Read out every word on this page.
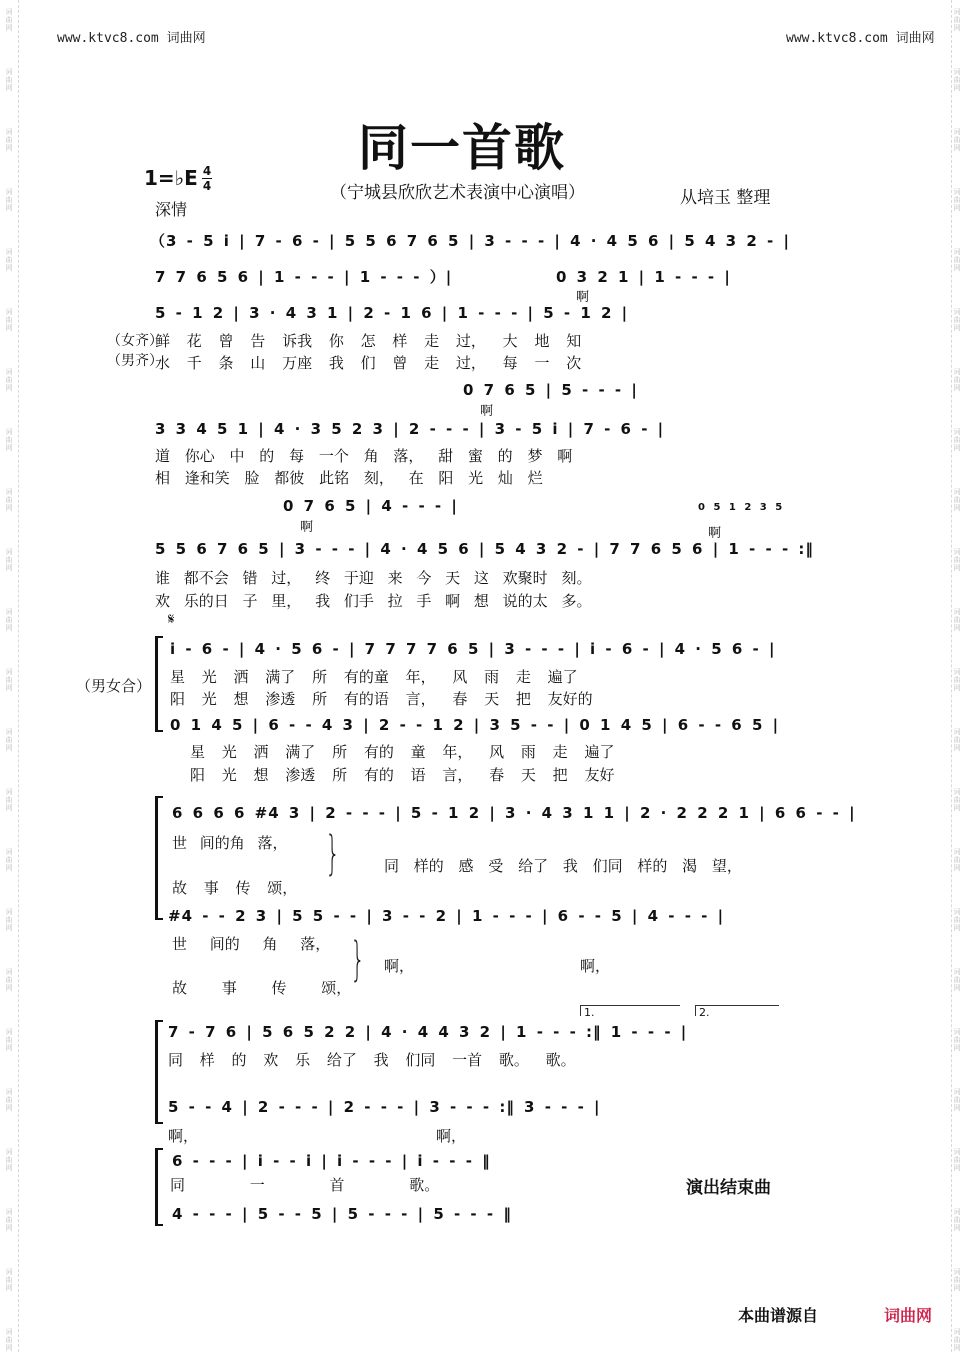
词
曲
网
词
曲
网
词
曲
网
词
曲
网
词
曲
网
词
曲
网
词
曲
网
词
曲
网
词
曲
网
词
曲
网
词
曲
网
词
曲
网
词
曲
网
词
曲
网
词
曲
网
词
曲
网
词
曲
网
词
曲
网
词
曲
网
词
曲
网
词
曲
网
词
曲
网
词
曲
网
词
曲
网
词
曲
网
词
曲
网
词
曲
网
词
曲
网
词
曲
网
词
曲
网
词
曲
网
词
曲
网
词
曲
网
词
曲
网
词
曲
网
词
曲
网
词
曲
网
词
曲
网
词
曲
网
词
曲
网
词
曲
网
词
曲
网
词
曲
网
词
曲
网
词
曲
网
词
曲
网
www.ktvc8.com 词曲网	www.ktvc8.com 词曲网
同一首歌
（宁城县欣欣艺术表演中心演唱）	从培玉 整理
1=♭E 4
4
深情
（3 - 5 i | 7 - 6 - | 5 5 6 7 6 5 | 3 - - - | 4 · 4 5 6 | 5 4 3 2 - |
7 7 6 5 6 | 1 - - - | 1 - - - ）|	0 3 2 1 | 1 - - - |
啊
5 - 1 2 | 3 · 4 3 1 | 2 - 1 6 | 1 - - - | 5 - 1 2 |
（女齐）
（男齐）
鲜 花 曾 告 诉我 你 怎 样 走 过， 大 地 知
水 千 条 山 万座 我 们 曾 走 过， 每 一 次
0 7 6 5 | 5 - - - |
啊
3 3 4 5 1 | 4 · 3 5 2 3 | 2 - - - | 3 - 5 i | 7 - 6 - |
道 你心 中 的 每 一个 角 落， 甜 蜜 的 梦 啊
相 逢和笑 脸 都彼 此铭 刻， 在 阳 光 灿 烂
0 7 6 5 | 4 - - - |
啊
0 5 1 2 3 5
啊
5 5 6 7 6 5 | 3 - - - | 4 · 4 5 6 | 5 4 3 2 - | 7 7 6 5 6 | 1 - - - :‖
谁 都不会 错 过， 终 于迎 来 今 天 这 欢聚时 刻。
欢 乐的日 子 里， 我 们手 拉 手 啊 想 说的太 多。
𝄋
（男女合）
i - 6 - | 4 · 5 6 - | 7 7 7 7 6 5 | 3 - - - | i - 6 - | 4 · 5 6 - |
星 光 洒 满了 所 有的童 年， 风 雨 走 遍了
阳 光 想 渗透 所 有的语 言， 春 天 把 友好的
0 1 4 5 | 6 - - 4 3 | 2 - - 1 2 | 3 5 - - | 0 1 4 5 | 6 - - 6 5 |
星 光 洒 满了 所 有的 童 年， 风 雨 走 遍了
阳 光 想 渗透 所 有的 语 言， 春 天 把 友好
6 6 6 6 #4 3 | 2 - - - | 5 - 1 2 | 3 · 4 3 1 1 | 2 · 2 2 2 1 | 6 6 - - |
世 间的角 落，
故 事 传 颂，
}	同 样的 感 受 给了 我 们同 样的 渴 望，
#4 - - 2 3 | 5 5 - - | 3 - - 2 | 1 - - - | 6 - - 5 | 4 - - - |
世 间的 角 落，
故 事 传 颂，
} 啊，	啊，
1.	2.
7 - 7 6 | 5 6 5 2 2 | 4 · 4 4 3 2 | 1 - - - :‖ 1 - - - |
同 样 的 欢 乐 给了 我 们同 一首 歌。 歌。
5 - - 4 | 2 - - - | 2 - - - | 3 - - - :‖ 3 - - - |
啊，	啊，
6 - - - | i - - i | i - - - | i - - - ‖
同 一 首 歌。	演出结束曲
4 - - - | 5 - - 5 | 5 - - - | 5 - - - ‖
本曲谱源自	词曲网
